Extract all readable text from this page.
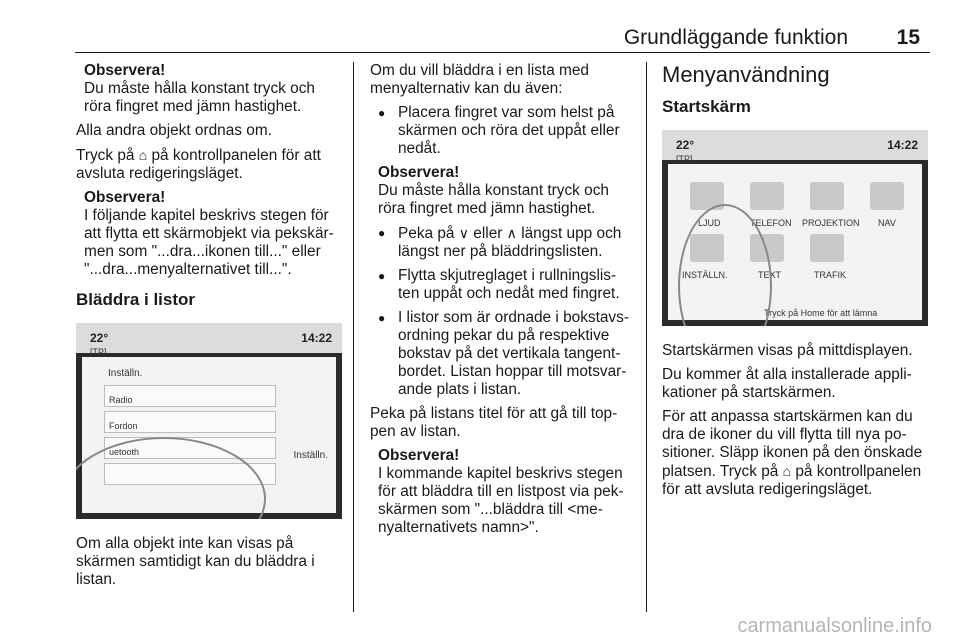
Grundläggande funktion 15
Observera!
Du måste hålla konstant tryck och röra fingret med jämn hastighet.

Alla andra objekt ordnas om.

Tryck på ⌂ på kontrollpanelen för att avsluta redigeringsläget.

Observera!
I följande kapitel beskrivs stegen för att flytta ett skärmobjekt via pekskärmen som "...dra...ikonen till..." eller "...dra...menyalternativet till...".
Bläddra i listor
22°
[TP]
14:22
Inställn.
Radio
Fordon
uetooth	Inställn.

Om alla objekt inte kan visas på skärmen samtidigt kan du bläddra i listan.

Om du vill bläddra i en lista med menyalternativ kan du även:

● Placera fingret var som helst på skärmen och röra det uppåt eller nedåt.
Observera!
Du måste hålla konstant tryck och röra fingret med jämn hastighet.
● Peka på ∨ eller ∧ längst upp och längst ner på bläddringslisten.
● Flytta skjutreglaget i rullningslisten uppåt och nedåt med fingret.
● I listor som är ordnade i bokstavsordning pekar du på respektive bokstav på det vertikala tangentbordet. Listan hoppar till motsvarande plats i listan.

Peka på listans titel för att gå till toppen av listan.

Observera!
I kommande kapitel beskrivs stegen för att bläddra till en listpost via pekskärmen som "...bläddra till <menyalternativets namn>".
Menyanvändning
Startskärm
22°
[TP]
14:22
LJUD	TELEFON PROJEKTION NAV
INSTÄLLN.	TEXT	TRAFIK
Tryck på Home för att lämna

Startskärmen visas på mittdisplayen.

Du kommer åt alla installerade applikationer på startskärmen.

För att anpassa startskärmen kan du dra de ikoner du vill flytta till nya positioner. Släpp ikonen på den önskade platsen. Tryck på ⌂ på kontrollpanelen för att avsluta redigeringsläget.

carmanualsonline.info
